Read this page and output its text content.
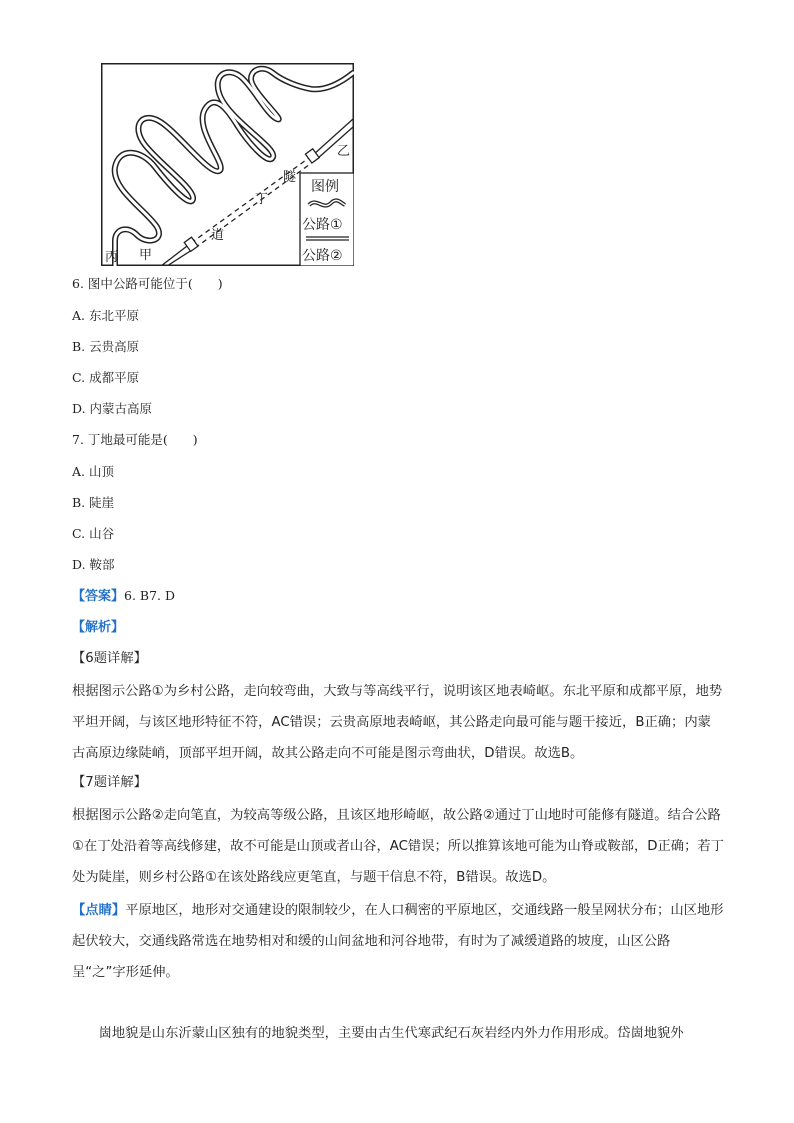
丙 甲
乙
丁
隧
道
图例
公路①
公路②
6. 图中公路可能位于(　　)
A. 东北平原
B. 云贵高原
C. 成都平原
D. 内蒙古高原
7. 丁地最可能是(　　)
A. 山顶
B. 陡崖
C. 山谷
D. 鞍部
【答案】6. B7. D
【解析】
【6题详解】
根据图示公路①为乡村公路，走向较弯曲，大致与等高线平行，说明该区地表崎岖。东北平原和成都平原，地势平坦开阔，与该区地形特征不符，AC错误；云贵高原地表崎岖，其公路走向最可能与题干接近，B正确；内蒙古高原边缘陡峭，顶部平坦开阔，故其公路走向不可能是图示弯曲状，D错误。故选B。
【7题详解】
根据图示公路②走向笔直，为较高等级公路，且该区地形崎岖，故公路②通过丁山地时可能修有隧道。结合公路①在丁处沿着等高线修建，故不可能是山顶或者山谷，AC错误；所以推算该地可能为山脊或鞍部，D正确；若丁处为陡崖，则乡村公路①在该处路线应更笔直，与题干信息不符，B错误。故选D。
【点睛】平原地区，地形对交通建设的限制较少，在人口稠密的平原地区，交通线路一般呈网状分布；山区地形起伏较大，交通线路常选在地势相对和缓的山间盆地和河谷地带，有时为了减缓道路的坡度，山区公路呈“之”字形延伸。
　　崮地貌是山东沂蒙山区独有的地貌类型，主要由古生代寒武纪石灰岩经内外力作用形成。岱崮地貌外
